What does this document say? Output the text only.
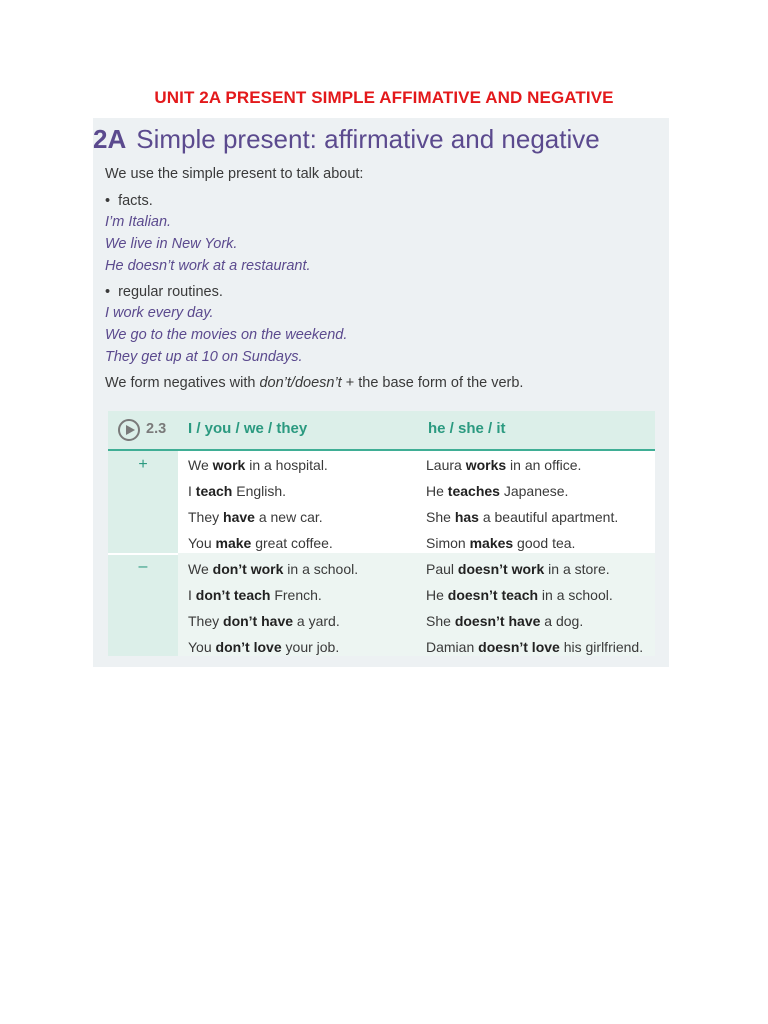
UNIT 2A PRESENT SIMPLE AFFIMATIVE AND NEGATIVE
2A Simple present: affirmative and negative
We use the simple present to talk about:
• facts.
I’m Italian.
We live in New York.
He doesn’t work at a restaurant.
• regular routines.
I work every day.
We go to the movies on the weekend.
They get up at 10 on Sundays.
We form negatives with don’t/doesn’t + the base form of the verb.
2.3 I / you / we / they	he / she / it
+
–
We work in a hospital.	Laura works in an office.
I teach English.	He teaches Japanese.
They have a new car.	She has a beautiful apartment.
You make great coffee.	Simon makes good tea.
We don’t work in a school.	Paul doesn’t work in a store.
I don’t teach French.	He doesn’t teach in a school.
They don’t have a yard.	She doesn’t have a dog.
You don’t love your job.	Damian doesn’t love his girlfriend.
